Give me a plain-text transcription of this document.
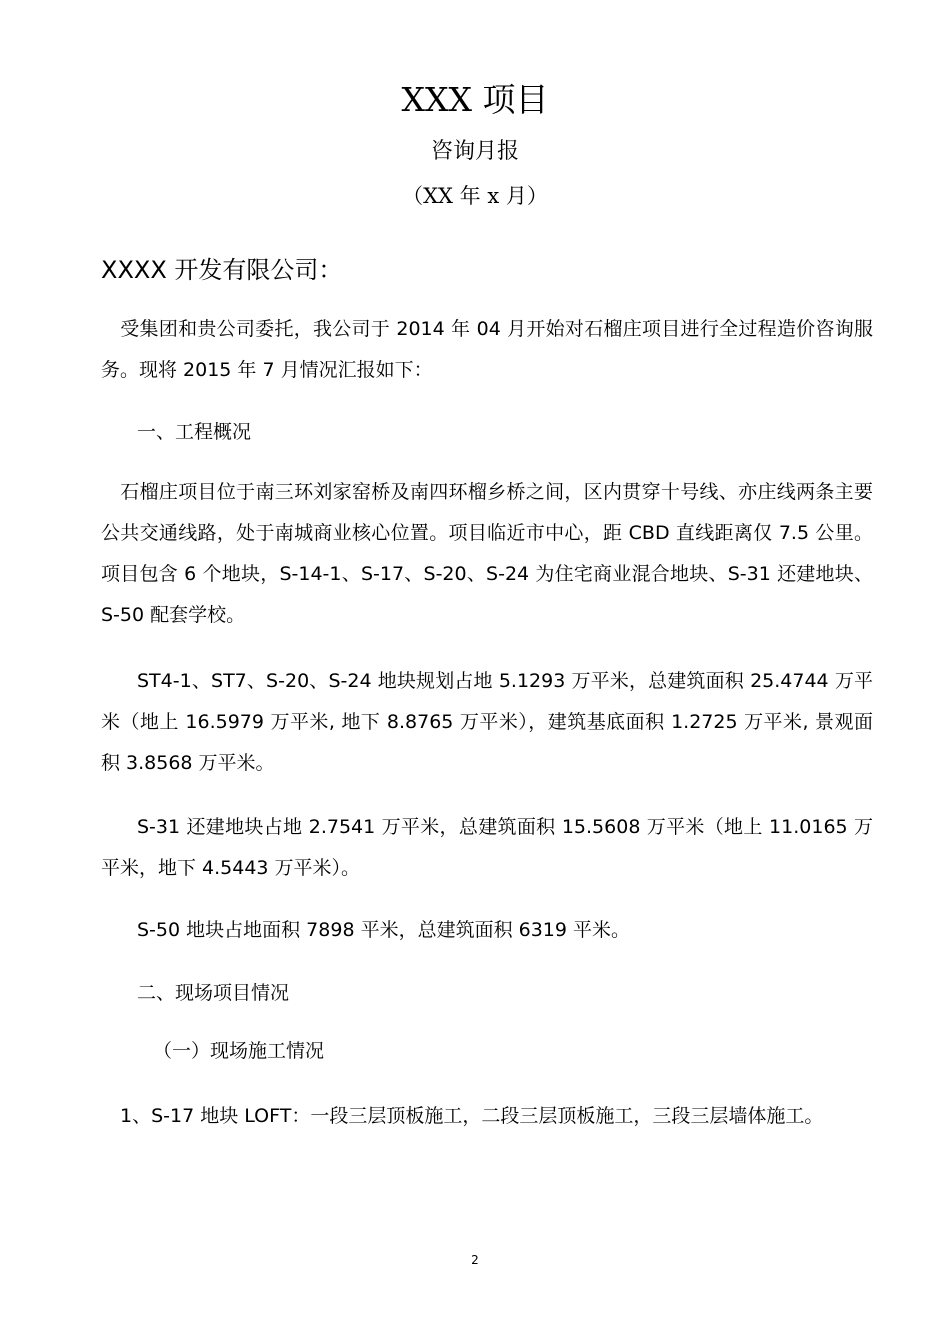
XXX 项目
咨询月报
（XX 年 x 月）
XXXX 开发有限公司：

　受集团和贵公司委托，我公司于 2014 年 04 月开始对石榴庄项目进行全过程造价咨询服务。现将 2015 年 7 月情况汇报如下：

一、工程概况

　石榴庄项目位于南三环刘家窑桥及南四环榴乡桥之间，区内贯穿十号线、亦庄线两条主要公共交通线路，处于南城商业核心位置。项目临近市中心，距 CBD 直线距离仅 7.5 公里。项目包含 6 个地块，S-14-1、S-17、S-20、S-24 为住宅商业混合地块、S-31 还建地块、S-50 配套学校。

ST4-1、ST7、S-20、S-24 地块规划占地 5.1293 万平米，总建筑面积 25.4744 万平米（地上 16.5979 万平米, 地下 8.8765 万平米），建筑基底面积 1.2725 万平米, 景观面积 3.8568 万平米。

S-31 还建地块占地 2.7541 万平米，总建筑面积 15.5608 万平米（地上 11.0165 万平米，地下 4.5443 万平米）。

S-50 地块占地面积 7898 平米，总建筑面积 6319 平米。

二、现场项目情况

（一）现场施工情况

　1、S-17 地块 LOFT：一段三层顶板施工，二段三层顶板施工，三段三层墙体施工。

2
